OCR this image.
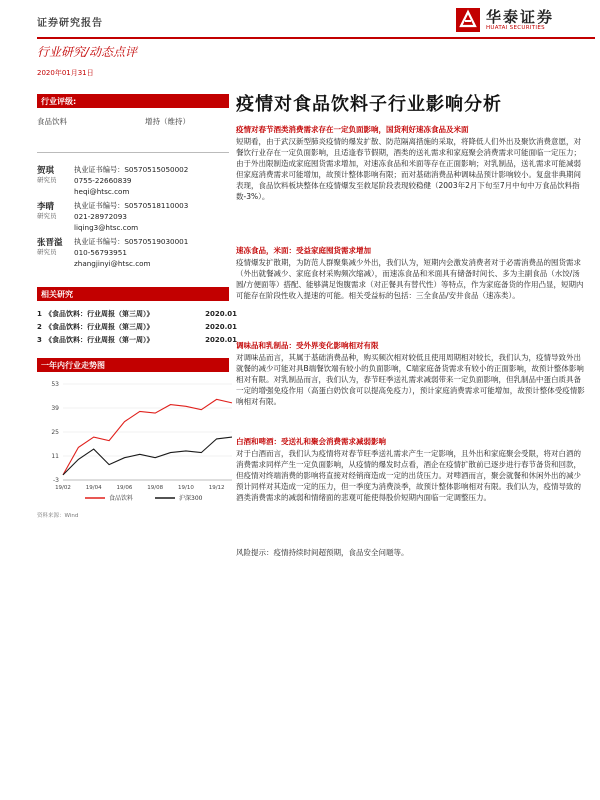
证券研究报告	华泰证券
HUATAI SECURITIES
行业研究/动态点评
2020年01月31日
疫情对食品饮料子行业影响分析
行业评级:
食品饮料	增持（维持）
贺琪
研究员
执业证书编号：S0570515050002
0755-22660839
heqi@htsc.com
李晴
研究员
执业证书编号：S0570518110003
021-28972093
liqing3@htsc.com
张晋溢
研究员
执业证书编号：S0570519030001
010-56793951
zhangjinyi@htsc.com
相关研究
1 《食品饮料：行业周报（第三周）》	2020.01
2 《食品饮料：行业周报（第三周）》	2020.01
3 《食品饮料：行业周报（第一周）》	2020.01
一年内行业走势图
-3
11
25
39
53
19/02	19/04	19/06	19/08	19/10	19/12
食品饮料	沪深300
资料来源：Wind
疫情对春节酒类消费需求存在一定负面影响，国货利好速冻食品及米面
短期看，由于武汉新型肺炎疫情的爆发扩散、防范隔离措施的采取，将降低人们外出及聚饮消费意愿，对餐饮行业存在一定负面影响，且适逢春节假期，酒类的送礼需求和家庭聚会消费需求可能面临一定压力；由于外出限制造成家庭囤货需求增加，对速冻食品和米面等存在正面影响；对乳制品，送礼需求可能减弱但家庭消费需求可能增加，故预计整体影响有限；而对基础消费品种调味品预计影响较小。复盘非典期间表现，食品饮料板块整体在疫情爆发至救尾阶段表现较稳健（2003年2月下旬至7月中旬中万食品饮料指数-3%）。
速冻食品，米面：受益家庭囤货需求增加
疫情爆发扩散期，为防范人群聚集减少外出，我们认为，短期内会激发消费者对于必需消费品的囤货需求（外出就餐减少、家庭食材采购频次缩减），而速冻食品和米面具有储备时间长、多为主副食品（水饺/汤圆/方便面等）搭配、能够满足饱腹需求（对正餐具有替代性）等特点，作为家庭备货的作用凸显，短期内可能存在阶段性收入提速的可能。相关受益标的包括：三全食品/安井食品（速冻类）。
调味品和乳制品：受外界变化影响相对有限
对调味品而言，其属于基础消费品种，购买频次相对较低且使用周期相对较长，我们认为，疫情导致外出就餐的减少可能对具B端餐饮端有较小的负面影响，C端家庭备货需求有较小的正面影响，故预计整体影响相对有限。对乳制品而言，我们认为，春节旺季送礼需求减弱带来一定负面影响，但乳制品中蛋白质具备一定的增强免疫作用（高蛋白奶饮食可以提高免疫力），预计家庭消费需求可能增加，故预计整体受疫情影响相对有限。
白酒和啤酒：受送礼和聚会消费需求减弱影响
对于白酒而言，我们认为疫情将对春节旺季送礼需求产生一定影响，且外出和家庭聚会受限，将对白酒的消费需求同样产生一定负面影响，从疫情的爆发时点看，酒企在疫情扩散前已逐步进行春节备货和回款，但疫情对终端消费的影响将直接对经销商造成一定的出货压力。对啤酒而言，聚会就餐和休闲外出的减少预计同样对其造成一定的压力，但一季度为消费淡季，故预计整体影响相对有限。我们认为，疫情导致的酒类消费需求的减弱和情绪面的悲观可能使得股价短期内面临一定调整压力。
风险提示：疫情持续时间超预期，食品安全问题等。
